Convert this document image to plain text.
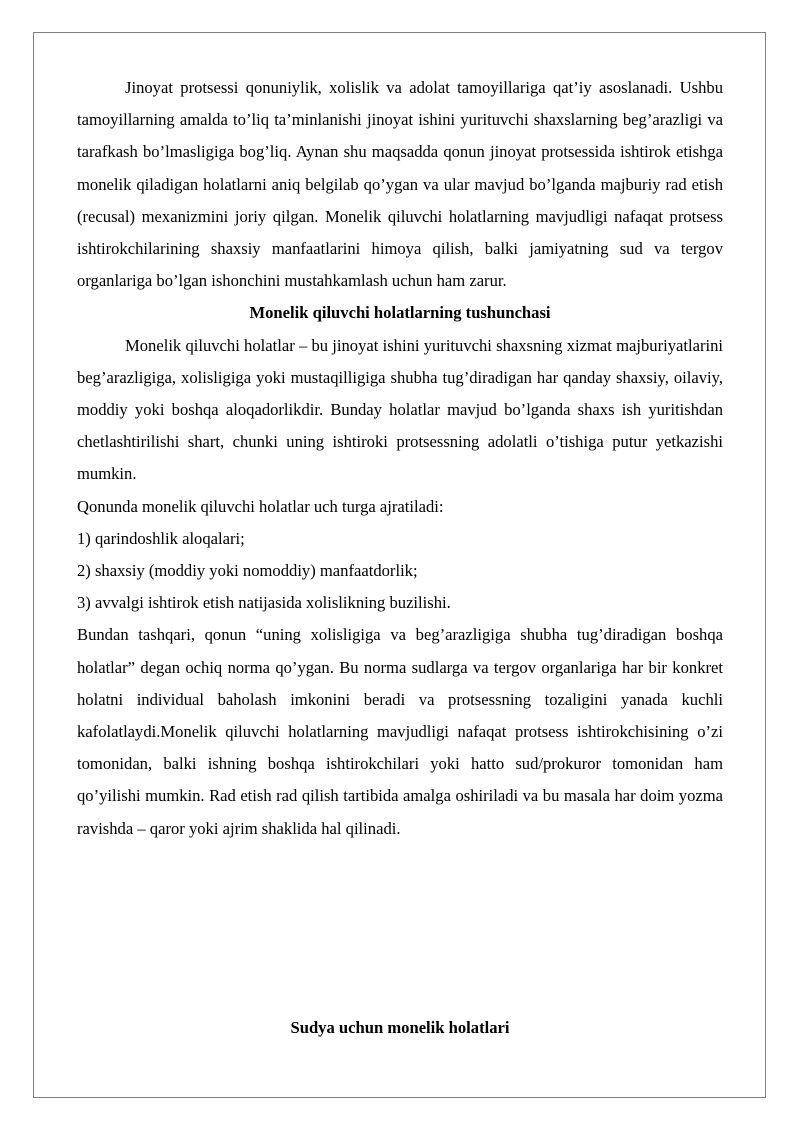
Jinoyat protsessi qonuniylik, xolislik va adolat tamoyillariga qat’iy asoslanadi. Ushbu tamoyillarning amalda to’liq ta’minlanishi jinoyat ishini yurituvchi shaxslarning beg’arazligi va tarafkash bo’lmasligiga bog’liq. Aynan shu maqsadda qonun jinoyat protsessida ishtirok etishga monelik qiladigan holatlarni aniq belgilab qo’ygan va ular mavjud bo’lganda majburiy rad etish (recusal) mexanizmini joriy qilgan. Monelik qiluvchi holatlarning mavjudligi nafaqat protsess ishtirokchilarining shaxsiy manfaatlarini himoya qilish, balki jamiyatning sud va tergov organlariga bo’lgan ishonchini mustahkamlash uchun ham zarur.

Monelik qiluvchi holatlarning tushunchasi

Monelik qiluvchi holatlar – bu jinoyat ishini yurituvchi shaxsning xizmat majburiyatlarini beg’arazligiga, xolisligiga yoki mustaqilligiga shubha tug’diradigan har qanday shaxsiy, oilaviy, moddiy yoki boshqa aloqadorlikdir. Bunday holatlar mavjud bo’lganda shaxs ish yuritishdan chetlashtirilishi shart, chunki uning ishtiroki protsessning adolatli o’tishiga putur yetkazishi mumkin.

Qonunda monelik qiluvchi holatlar uch turga ajratiladi:

1) qarindoshlik aloqalari;

2) shaxsiy (moddiy yoki nomoddiy) manfaatdorlik;

3) avvalgi ishtirok etish natijasida xolislikning buzilishi.

Bundan tashqari, qonun “uning xolisligiga va beg’arazligiga shubha tug’diradigan boshqa holatlar” degan ochiq norma qo’ygan. Bu norma sudlarga va tergov organlariga har bir konkret holatni individual baholash imkonini beradi va protsessning tozaligini yanada kuchli kafolatlaydi.Monelik qiluvchi holatlarning mavjudligi nafaqat protsess ishtirokchisining o’zi tomonidan, balki ishning boshqa ishtirokchilari yoki hatto sud/prokuror tomonidan ham qo’yilishi mumkin. Rad etish rad qilish tartibida amalga oshiriladi va bu masala har doim yozma ravishda – qaror yoki ajrim shaklida hal qilinadi.

Sudya uchun monelik holatlari
